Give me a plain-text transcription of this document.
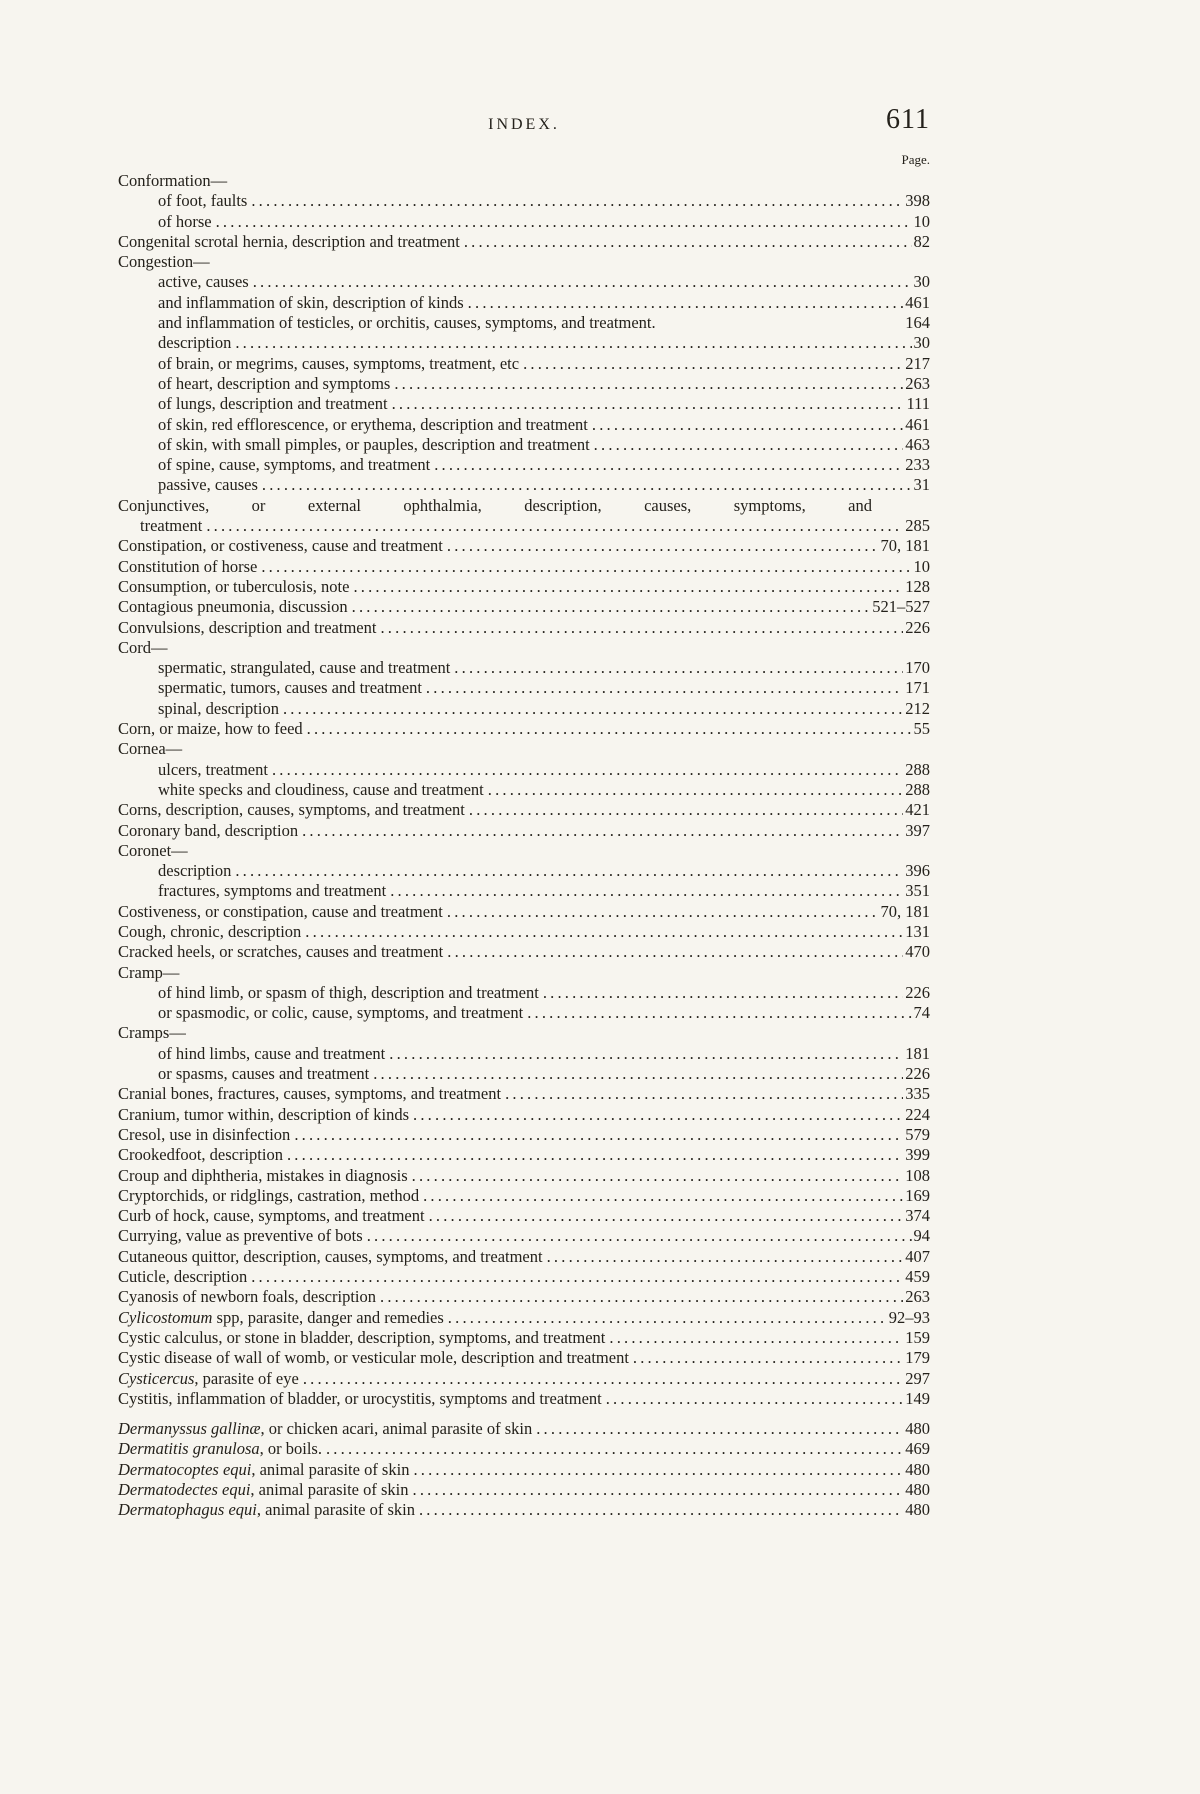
INDEX.	611
Page.
Conformation—
of foot, faults .....	398
of horse .....	10
Congenital scrotal hernia, description and treatment .....	82
Congestion—
active, causes .....	30
and inflammation of skin, description of kinds .....	461
and inflammation of testicles, or orchitis, causes, symptoms, and treatment.	164
description .....	30
of brain, or megrims, causes, symptoms, treatment, etc .....	217
of heart, description and symptoms .....	263
of lungs, description and treatment .....	111
of skin, red efflorescence, or erythema, description and treatment .....	461
of skin, with small pimples, or pauples, description and treatment .....	463
of spine, cause, symptoms, and treatment .....	233
passive, causes .....	31
Conjunctives, or external ophthalmia, description, causes, symptoms, and
treatment .....	285
Constipation, or costiveness, cause and treatment .....	70, 181
Constitution of horse .....	10
Consumption, or tuberculosis, note .....	128
Contagious pneumonia, discussion .....	521–527
Convulsions, description and treatment .....	226
Cord—
spermatic, strangulated, cause and treatment .....	170
spermatic, tumors, causes and treatment .....	171
spinal, description .....	212
Corn, or maize, how to feed .....	55
Cornea—
ulcers, treatment .....	288
white specks and cloudiness, cause and treatment .....	288
Corns, description, causes, symptoms, and treatment .....	421
Coronary band, description .....	397
Coronet—
description .....	396
fractures, symptoms and treatment .....	351
Costiveness, or constipation, cause and treatment .....	70, 181
Cough, chronic, description .....	131
Cracked heels, or scratches, causes and treatment .....	470
Cramp—
of hind limb, or spasm of thigh, description and treatment .....	226
or spasmodic, or colic, cause, symptoms, and treatment .....	74
Cramps—
of hind limbs, cause and treatment .....	181
or spasms, causes and treatment .....	226
Cranial bones, fractures, causes, symptoms, and treatment .....	335
Cranium, tumor within, description of kinds .....	224
Cresol, use in disinfection .....	579
Crookedfoot, description .....	399
Croup and diphtheria, mistakes in diagnosis .....	108
Cryptorchids, or ridglings, castration, method .....	169
Curb of hock, cause, symptoms, and treatment .....	374
Currying, value as preventive of bots .....	94
Cutaneous quittor, description, causes, symptoms, and treatment .....	407
Cuticle, description .....	459
Cyanosis of newborn foals, description .....	263
Cylicostomum spp, parasite, danger and remedies .....	92–93
Cystic calculus, or stone in bladder, description, symptoms, and treatment .....	159
Cystic disease of wall of womb, or vesticular mole, description and treatment .....	179
Cysticercus, parasite of eye .....	297
Cystitis, inflammation of bladder, or urocystitis, symptoms and treatment .....	149
Dermanyssus gallinæ, or chicken acari, animal parasite of skin .....	480
Dermatitis granulosa, or boils. .....	469
Dermatocoptes equi, animal parasite of skin .....	480
Dermatodectes equi, animal parasite of skin .....	480
Dermatophagus equi, animal parasite of skin .....	480
